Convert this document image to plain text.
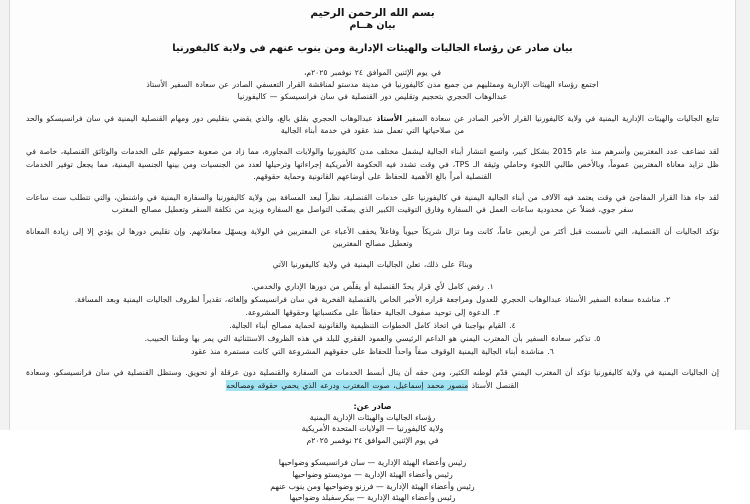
بسم الله الرحمن الرحيم
بيان هــام
بيان صادر عن رؤساء الجاليات والهيئات الإدارية ومن ينوب عنهم في ولاية كاليفورنيا

في يوم الإثنين الموافق ٢٤ نوفمبر ٢٠٢٥م،
اجتمع رؤساء الهيئات الإدارية وممثليهم من جميع مدن كاليفورنيا في مدينة مدستو لمناقشة القرار التعسفي الصادر عن سعادة السفير الأستاذ
عبدالوهاب الحجري بتحجيم وتقليص دور القنصلية في سان فرانسيسكو — كاليفورنيا

تتابع الجاليات والهيئات الإدارية اليمنية في ولاية كاليفورنيا القرار الأخير الصادر عن سعادة السفير الأستاذ عبدالوهاب الحجري بقلق بالغ، والذي يقضي بتقليص دور ومهام القنصلية اليمنية في سان فرانسيسكو والحد من صلاحياتها التي تعمل منذ عقود في خدمة أبناء الجالية

لقد تضاعف عدد المغتربين وأسرهم منذ عام 2015 بشكل كبير، واتسع انتشار أبناء الجالية ليشمل مختلف مدن كاليفورنيا والولايات المجاورة، مما زاد من صعوبة حصولهم على الخدمات والوثائق القنصلية، خاصة في ظل تزايد معاناة المغتربين عموماً، وبالأخص طالبي اللجوء وحاملي وثيقة الـ TPS، في وقت تشدد فيه الحكومة الأمريكية إجراءاتها وترحيلها لعدد من الجنسيات ومن بينها الجنسية اليمنية، مما يجعل توفير الخدمات القنصلية أمراً بالغ الأهمية للحفاظ على أوضاعهم القانونية وحماية حقوقهم.

لقد جاء هذا القرار المفاجئ في وقت يعتمد فيه الآلاف من أبناء الجالية اليمنية في كاليفورنيا على خدمات القنصلية، نظراً لبعد المسافة بين ولاية كاليفورنيا والسفارة اليمنية في واشنطن، والتي تتطلب ست ساعات سفر جوي، فضلاً عن محدودية ساعات العمل في السفارة وفارق التوقيت الكبير الذي يصعّب التواصل مع السفارة ويزيد من تكلفة السفر وتعطيل مصالح المغترب

تؤكد الجاليات أن القنصلية، التي تأسست قبل أكثر من أربعين عاماً، كانت وما تزال شريكاً حيوياً وفاعلاً يخفف الأعباء عن المغتربين في الولاية ويسهّل معاملاتهم. وإن تقليص دورها لن يؤدي إلا إلى زيادة المعاناة وتعطيل مصالح المغتربين

وبناءً على ذلك، تعلن الجاليات اليمنية في ولاية كاليفورنيا الآتي

١. رفض كامل لأي قرار يحدّ القنصلية أو يقلّص من دورها الإداري والخدمي.
٢. مناشدة سعادة السفير الأستاذ عبدالوهاب الحجري للعدول ومراجعة قراره الأخير الخاص بالقنصلية الفخرية في سان فرانسيسكو وإلغائه، تقديراً لظروف الجاليات اليمنية وبعد المسافة.
٣. الدعوة إلى توحيد صفوف الجالية حفاظاً على مكتسباتها وحقوقها المشروعة.
٤. القيام بواجبنا في اتخاذ كامل الخطوات التنظيمية والقانونية لحماية مصالح أبناء الجالية.
٥. تذكير سعادة السفير بأن المغترب اليمني هو الداعم الرئيسي والعمود الفقري للبلد في هذه الظروف الاستثنائية التي يمر بها وطننا الحبيب.
٦. مناشدة أبناء الجالية اليمنية الوقوف صفاً واحداً للحفاظ على حقوقهم المشروعة التي كانت مستمرة منذ عقود

إن الجاليات اليمنية في ولاية كاليفورنيا تؤكد أن المغترب اليمني قدّم لوطنه الكثير، ومن حقه أن ينال أبسط الخدمات من السفارة والقنصلية دون عرقلة أو تحويق. وستظل القنصلية في سان فرانسيسكو، وسعادة القنصل الأستاذ منصور محمد إسماعيل، صوت المغترب ودرعه الذي يحمي حقوقه ومصالحه

صادر عن:
رؤساء الجاليات والهيئات الإدارية اليمنية
ولاية كاليفورنيا — الولايات المتحدة الأمريكية
في يوم الإثنين الموافق ٢٤ نوفمبر ٢٠٢٥م
رئيس وأعضاء الهيئة الإدارية — سان فرانسيسكو وضواحيها
رئيس وأعضاء الهيئة الإدارية — موديستو وضواحيها
رئيس وأعضاء الهيئة الإدارية — فرزنو وضواحيها ومن ينوب عنهم
رئيس وأعضاء الهيئة الإدارية — بيكرسفيلد وضواحيها
